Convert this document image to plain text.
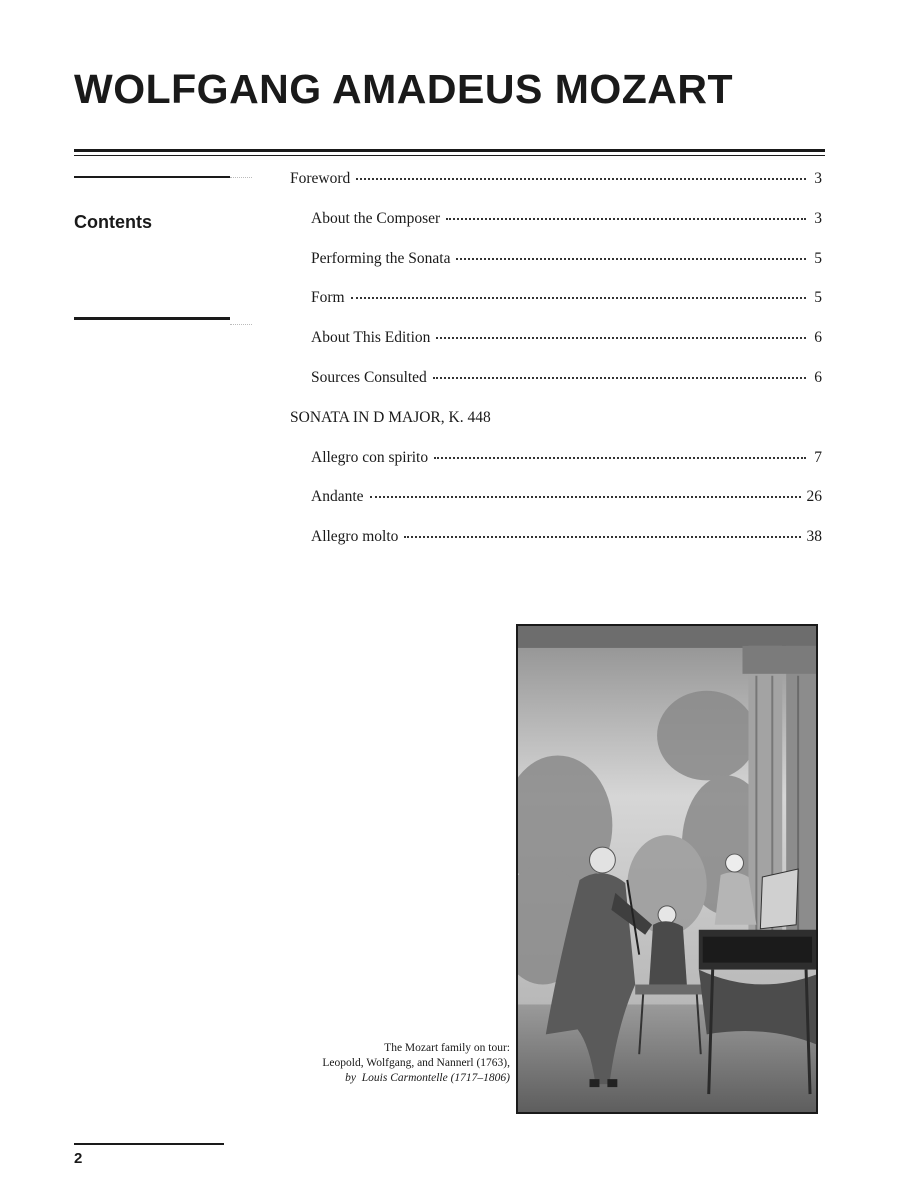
WOLFGANG AMADEUS MOZART
Contents
Foreword	3
About the Composer	3
Performing the Sonata	5
Form	5
About This Edition	6
Sources Consulted	6
SONATA IN D MAJOR, K. 448
Allegro con spirito	7
Andante	26
Allegro molto	38
The Mozart family on tour:
Leopold, Wolfgang, and Nannerl (1763),
by Louis Carmontelle (1717–1806)
2
